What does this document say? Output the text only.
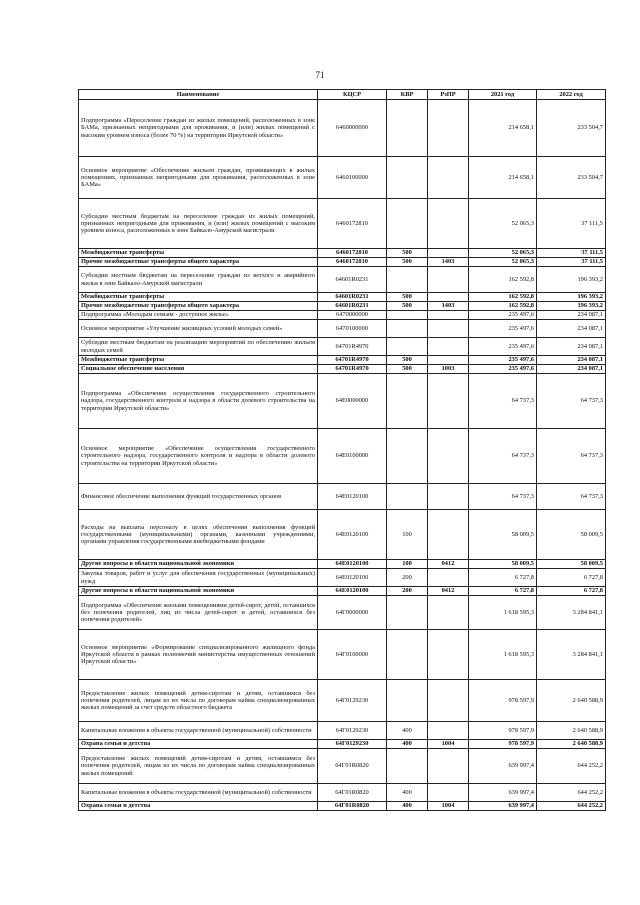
71
Наименование	КЦСР	КВР	РзПР	2021 год	2022 год
Подпрограмма «Переселение граждан из жилых помещений, расположенных в зоне БАМа, признанных непригодными для проживания, и (или) жилых помещений с высоким уровнем износа (более 70 %) на территории Иркутской области»	6460000000			214 658,1	233 504,7
Основное мероприятие «Обеспечение жильем граждан, проживающих в жилых помещениях, признанных непригодными для проживания, расположенных в зоне БАМа»	6460100000			214 658,1	233 504,7
Субсидии местным бюджетам на переселение граждан из жилых помещений, признанных непригодными для проживания, и (или) жилых помещений с высоким уровнем износа, расположенных в зоне Байкало-Амурской магистрали	6460172810			52 065,3	37 111,5
Межбюджетные трансферты	6460172810	500		52 065,3	37 111,5
Прочие межбюджетные трансферты общего характера	6460172810	500	1403	52 065,3	37 111,5
Субсидии местным бюджетам на переселение граждан из ветхого и аварийного жилья в зоне Байкало-Амурской магистрали	64601R0231			162 592,8	196 393,2
Межбюджетные трансферты	64601R0231	500		162 592,8	196 393,2
Прочие межбюджетные трансферты общего характера	64601R0231	500	1403	162 592,8	196 393,2
Подпрограмма «Молодым семьям - доступное жилье»	6470000000			235 497,6	234 087,1
Основное мероприятие «Улучшение жилищных условий молодых семей»	6470100000			235 497,6	234 087,1
Субсидии местным бюджетам на реализацию мероприятий по обеспечению жильем молодых семей	64701R4970			235 497,6	234 087,1
Межбюджетные трансферты	64701R4970	500		235 497,6	234 087,1
Социальное обеспечение населения	64701R4970	500	1003	235 497,6	234 087,1
Подпрограмма «Обеспечение осуществления государственного строительного надзора, государственного контроля и надзора в области долевого строительства на территории Иркутской области»	64E0000000			64 737,3	64 737,3
Основное мероприятие «Обеспечение осуществления государственного строительного надзора, государственного контроля и надзора в области долевого строительства на территории Иркутской области»	64E0100000			64 737,3	64 737,3
Финансовое обеспечение выполнения функций государственных органов	64E0120100			64 737,3	64 737,3
Расходы на выплаты персоналу в целях обеспечения выполнения функций государственными (муниципальными) органами, казенными учреждениями, органами управления государственными внебюджетными фондами	64E0120100	100		58 009,5	58 009,5
Другие вопросы в области национальной экономики	64E0120100	100	0412	58 009,5	58 009,5
Закупка товаров, работ и услуг для обеспечения государственных (муниципальных) нужд	64E0120100	200		6 727,8	6 727,8
Другие вопросы в области национальной экономики	64E0120100	200	0412	6 727,8	6 727,8
Подпрограмма «Обеспечение жилыми помещениями детей-сирот, детей, оставшихся без попечения родителей, лиц из числа детей-сирот и детей, оставшихся без попечения родителей»	64Г0000000			1 618 595,3	3 284 841,1
Основное мероприятие «Формирование специализированного жилищного фонда Иркутской области в рамках полномочий министерства имущественных отношений Иркутской области»	64Г0100000			1 618 595,3	3 284 841,1
Предоставление жилых помещений детям-сиротам и детям, оставшимся без попечения родителей, лицам из их числа по договорам найма специализированных жилых помещений за счет средств областного бюджета	64Г0129230			978 597,9	2 640 588,9
Капитальные вложения в объекты государственной (муниципальной) собственности	64Г0129230	400		978 597,9	2 640 588,9
Охрана семьи и детства	64Г0129230	400	1004	978 597,9	2 640 588,9
Предоставление жилых помещений детям-сиротам и детям, оставшимся без попечения родителей, лицам из их числа по договорам найма специализированных жилых помещений	64Г01R0820			639 997,4	644 252,2
Капитальные вложения в объекты государственной (муниципальной) собственности	64Г01R0820	400		639 997,4	644 252,2
Охрана семьи и детства	64Г01R0820	400	1004	639 997,4	644 252,2
